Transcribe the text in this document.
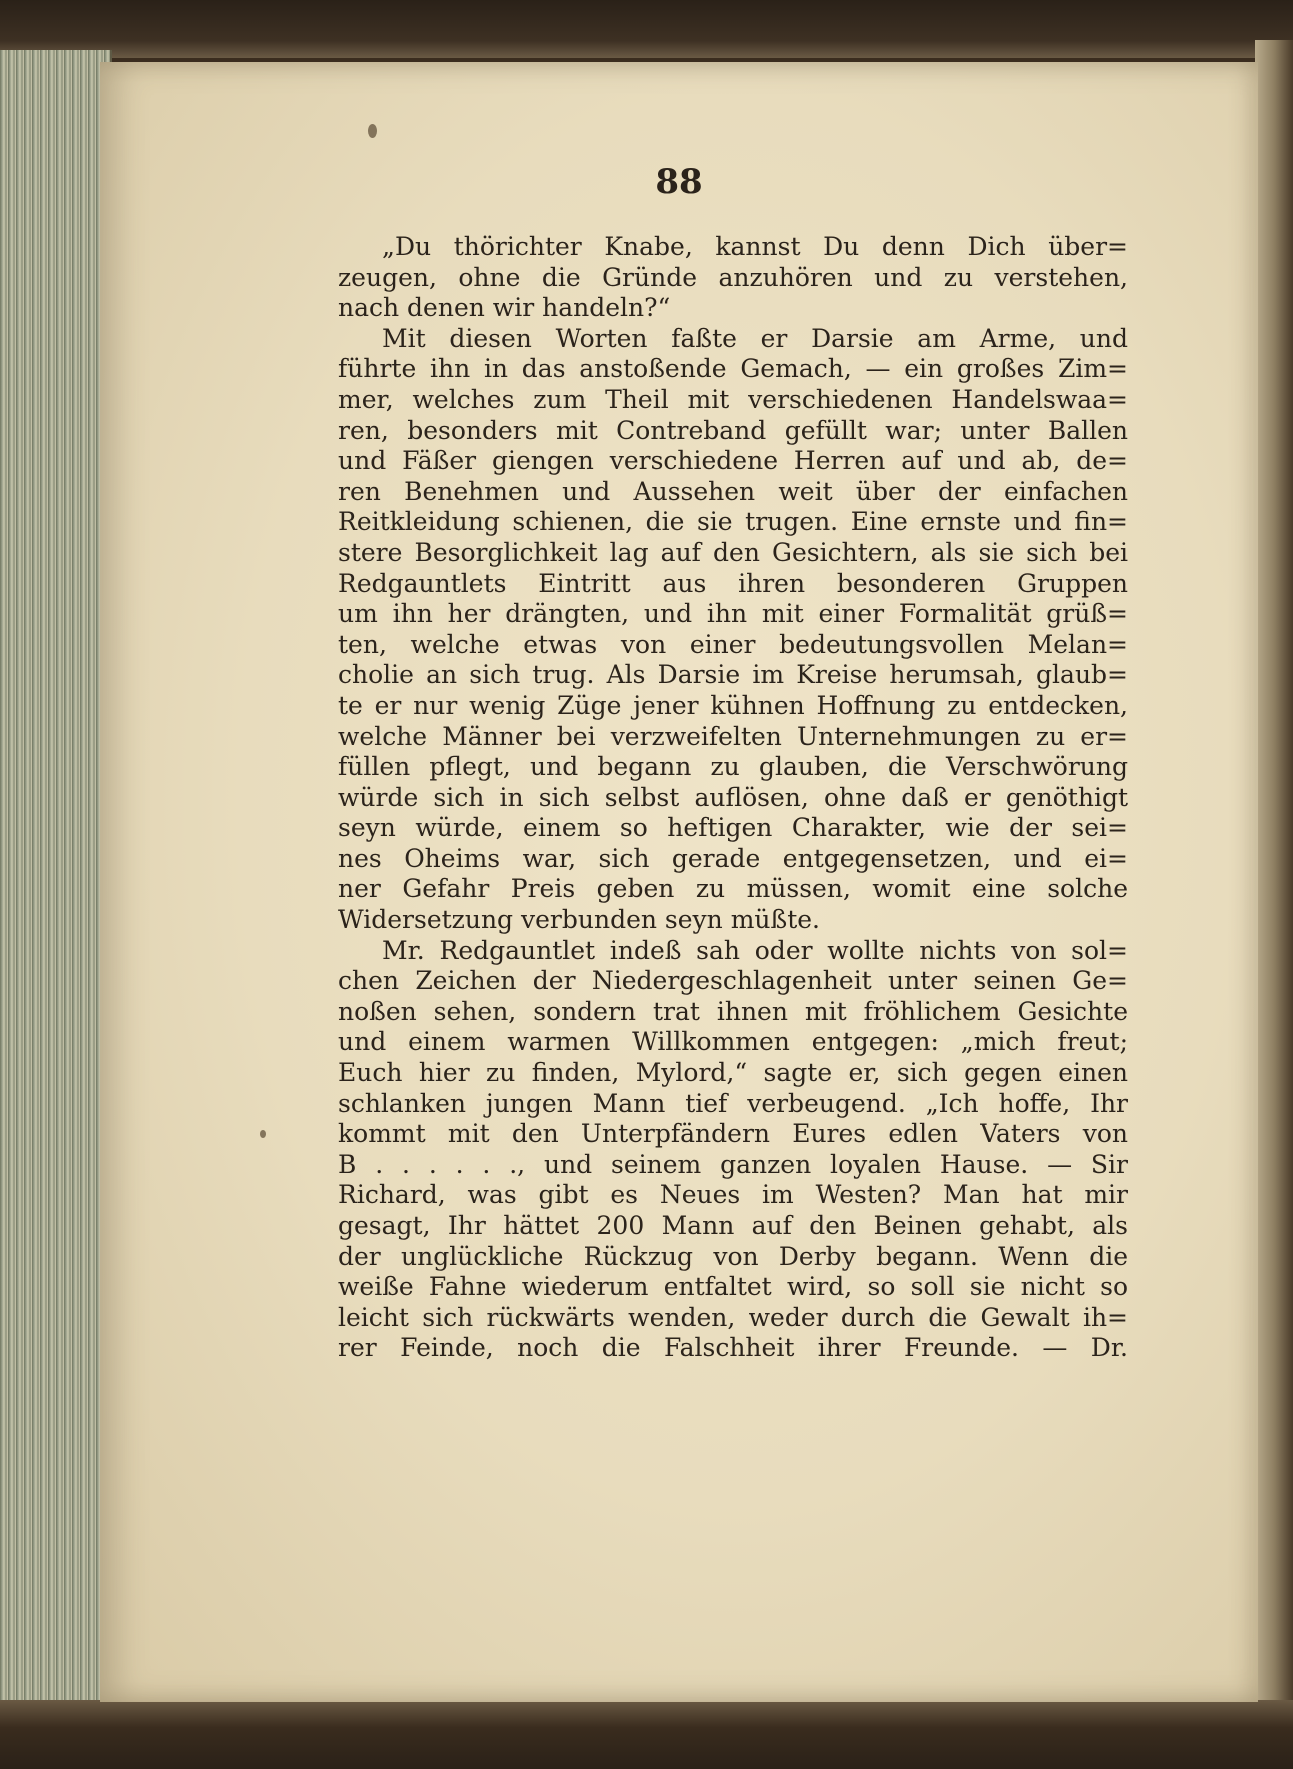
88
„Du thörichter Knabe, kannst Du denn Dich über=
zeugen, ohne die Gründe anzuhören und zu verstehen,
nach denen wir handeln?“
Mit diesen Worten faßte er Darsie am Arme, und
führte ihn in das anstoßende Gemach, — ein großes Zim=
mer, welches zum Theil mit verschiedenen Handelswaa=
ren, besonders mit Contreband gefüllt war; unter Ballen
und Fäßer giengen verschiedene Herren auf und ab, de=
ren Benehmen und Aussehen weit über der einfachen
Reitkleidung schienen, die sie trugen. Eine ernste und fin=
stere Besorglichkeit lag auf den Gesichtern, als sie sich bei
Redgauntlets Eintritt aus ihren besonderen Gruppen
um ihn her drängten, und ihn mit einer Formalität grüß=
ten, welche etwas von einer bedeutungsvollen Melan=
cholie an sich trug. Als Darsie im Kreise herumsah, glaub=
te er nur wenig Züge jener kühnen Hoffnung zu entdecken,
welche Männer bei verzweifelten Unternehmungen zu er=
füllen pflegt, und begann zu glauben, die Verschwörung
würde sich in sich selbst auflösen, ohne daß er genöthigt
seyn würde, einem so heftigen Charakter, wie der sei=
nes Oheims war, sich gerade entgegensetzen, und ei=
ner Gefahr Preis geben zu müssen, womit eine solche
Widersetzung verbunden seyn müßte.
Mr. Redgauntlet indeß sah oder wollte nichts von sol=
chen Zeichen der Niedergeschlagenheit unter seinen Ge=
noßen sehen, sondern trat ihnen mit fröhlichem Gesichte
und einem warmen Willkommen entgegen: „mich freut;
Euch hier zu finden, Mylord,“ sagte er, sich gegen einen
schlanken jungen Mann tief verbeugend. „Ich hoffe, Ihr
kommt mit den Unterpfändern Eures edlen Vaters von
B . . . . . ., und seinem ganzen loyalen Hause. — Sir
Richard, was gibt es Neues im Westen? Man hat mir
gesagt, Ihr hättet 200 Mann auf den Beinen gehabt, als
der unglückliche Rückzug von Derby begann. Wenn die
weiße Fahne wiederum entfaltet wird, so soll sie nicht so
leicht sich rückwärts wenden, weder durch die Gewalt ih=
rer Feinde, noch die Falschheit ihrer Freunde. — Dr.
